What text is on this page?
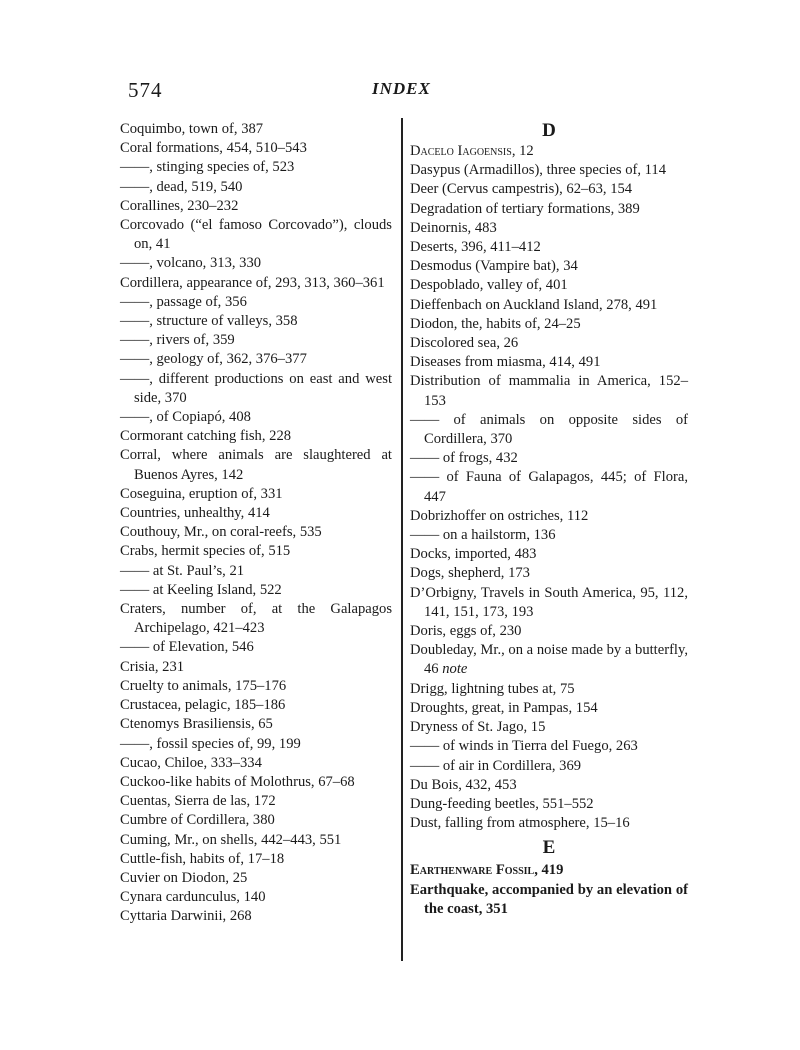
574	INDEX
Coquimbo, town of, 387
Coral formations, 454, 510–543
——, stinging species of, 523
——, dead, 519, 540
Corallines, 230–232
Corcovado (“el famoso Corcovado”), clouds on, 41
——, volcano, 313, 330
Cordillera, appearance of, 293, 313, 360–361
——, passage of, 356
——, structure of valleys, 358
——, rivers of, 359
——, geology of, 362, 376–377
——, different productions on east and west side, 370
——, of Copiapó, 408
Cormorant catching fish, 228
Corral, where animals are slaughtered at Buenos Ayres, 142
Coseguina, eruption of, 331
Countries, unhealthy, 414
Couthouy, Mr., on coral-reefs, 535
Crabs, hermit species of, 515
—— at St. Paul’s, 21
—— at Keeling Island, 522
Craters, number of, at the Galapagos Archipelago, 421–423
—— of Elevation, 546
Crisia, 231
Cruelty to animals, 175–176
Crustacea, pelagic, 185–186
Ctenomys Brasiliensis, 65
——, fossil species of, 99, 199
Cucao, Chiloe, 333–334
Cuckoo-like habits of Molothrus, 67–68
Cuentas, Sierra de las, 172
Cumbre of Cordillera, 380
Cuming, Mr., on shells, 442–443, 551
Cuttle-fish, habits of, 17–18
Cuvier on Diodon, 25
Cynara cardunculus, 140
Cyttaria Darwinii, 268
D
Dacelo Iagoensis, 12
Dasypus (Armadillos), three species of, 114
Deer (Cervus campestris), 62–63, 154
Degradation of tertiary formations, 389
Deinornis, 483
Deserts, 396, 411–412
Desmodus (Vampire bat), 34
Despoblado, valley of, 401
Dieffenbach on Auckland Island, 278, 491
Diodon, the, habits of, 24–25
Discolored sea, 26
Diseases from miasma, 414, 491
Distribution of mammalia in America, 152–153
—— of animals on opposite sides of Cordillera, 370
—— of frogs, 432
—— of Fauna of Galapagos, 445; of Flora, 447
Dobrizhoffer on ostriches, 112
—— on a hailstorm, 136
Docks, imported, 483
Dogs, shepherd, 173
D’Orbigny, Travels in South America, 95, 112, 141, 151, 173, 193
Doris, eggs of, 230
Doubleday, Mr., on a noise made by a butterfly, 46 note
Drigg, lightning tubes at, 75
Droughts, great, in Pampas, 154
Dryness of St. Jago, 15
—— of winds in Tierra del Fuego, 263
—— of air in Cordillera, 369
Du Bois, 432, 453
Dung-feeding beetles, 551–552
Dust, falling from atmosphere, 15–16
E
Earthenware Fossil, 419
Earthquake, accompanied by an elevation of the coast, 351
